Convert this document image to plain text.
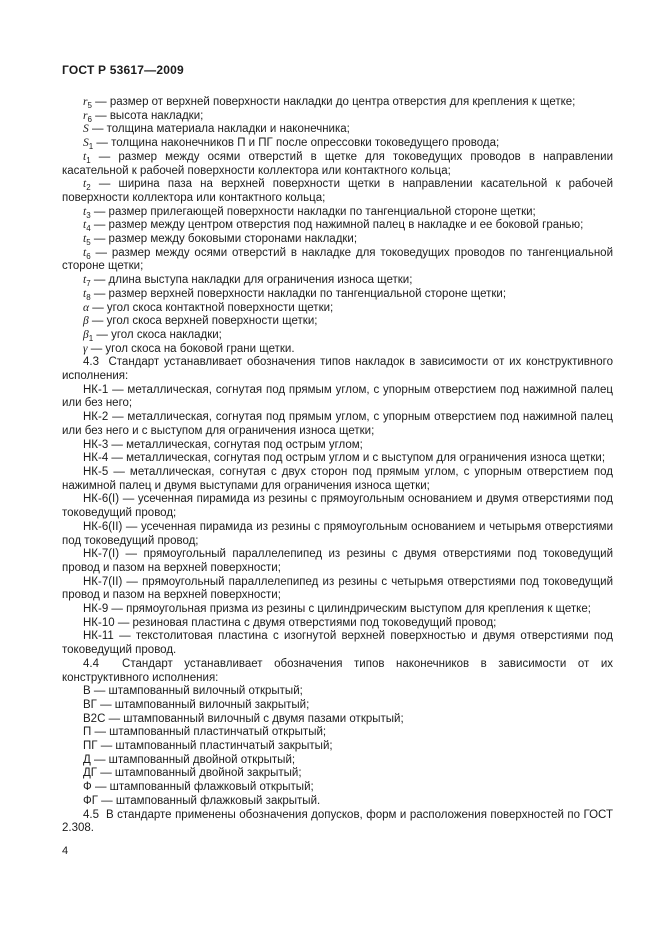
ГОСТ Р 53617—2009

$r_5$ — размер от верхней поверхности накладки до центра отверстия для крепления к щетке;

$r_6$ — высота накладки;

S — толщина материала накладки и наконечника;

$S_1$ — толщина наконечников П и ПГ после опрессовки токоведущего провода;

$t_1$ — размер между осями отверстий в щетке для токоведущих проводов в направлении касательной к рабочей поверхности коллектора или контактного кольца;

$t_2$ — ширина паза на верхней поверхности щетки в направлении касательной к рабочей поверхности коллектора или контактного кольца;

$t_3$ — размер прилегающей поверхности накладки по тангенциальной стороне щетки;

$t_4$ — размер между центром отверстия под нажимной палец в накладке и ее боковой гранью;

$t_5$ — размер между боковыми сторонами накладки;

$t_6$ — размер между осями отверстий в накладке для токоведущих проводов по тангенциальной стороне щетки;

$t_7$ — длина выступа накладки для ограничения износа щетки;

$t_8$ — размер верхней поверхности накладки по тангенциальной стороне щетки;

α — угол скоса контактной поверхности щетки;

β — угол скоса верхней поверхности щетки;

$\beta_1$ — угол скоса накладки;

γ — угол скоса на боковой грани щетки.

4.3  Стандарт устанавливает обозначения типов накладок в зависимости от их конструктивного исполнения:

НК-1 — металлическая, согнутая под прямым углом, с упорным отверстием под нажимной палец или без него;

НК-2 — металлическая, согнутая под прямым углом, с упорным отверстием под нажимной палец или без него и с выступом для ограничения износа щетки;

НК-3 — металлическая, согнутая под острым углом;

НК-4 — металлическая, согнутая под острым углом и с выступом для ограничения износа щетки;

НК-5 — металлическая, согнутая с двух сторон под прямым углом, с упорным отверстием под нажимной палец и двумя выступами для ограничения износа щетки;

НК-6(I) — усеченная пирамида из резины с прямоугольным основанием и двумя отверстиями под токоведущий провод;

НК-6(II) — усеченная пирамида из резины с прямоугольным основанием и четырьмя отверстиями под токоведущий провод;

НК-7(I) — прямоугольный параллелепипед из резины с двумя отверстиями под токоведущий провод и пазом на верхней поверхности;

НК-7(II) — прямоугольный параллелепипед из резины с четырьмя отверстиями под токоведущий провод и пазом на верхней поверхности;

НК-9 — прямоугольная призма из резины с цилиндрическим выступом для крепления к щетке;

НК-10 — резиновая пластина с двумя отверстиями под токоведущий провод;

НК-11 — текстолитовая пластина с изогнутой верхней поверхностью и двумя отверстиями под токоведущий провод.

4.4  Стандарт устанавливает обозначения типов наконечников в зависимости от их конструктивного исполнения:

В — штампованный вилочный открытый;

ВГ — штампованный вилочный закрытый;

В2С — штампованный вилочный с двумя пазами открытый;

П — штампованный пластинчатый открытый;

ПГ — штампованный пластинчатый закрытый;

Д — штампованный двойной открытый;

ДГ — штампованный двойной закрытый;

Ф — штампованный флажковый открытый;

ФГ — штампованный флажковый закрытый.

4.5  В стандарте применены обозначения допусков, форм и расположения поверхностей по ГОСТ 2.308.

4
